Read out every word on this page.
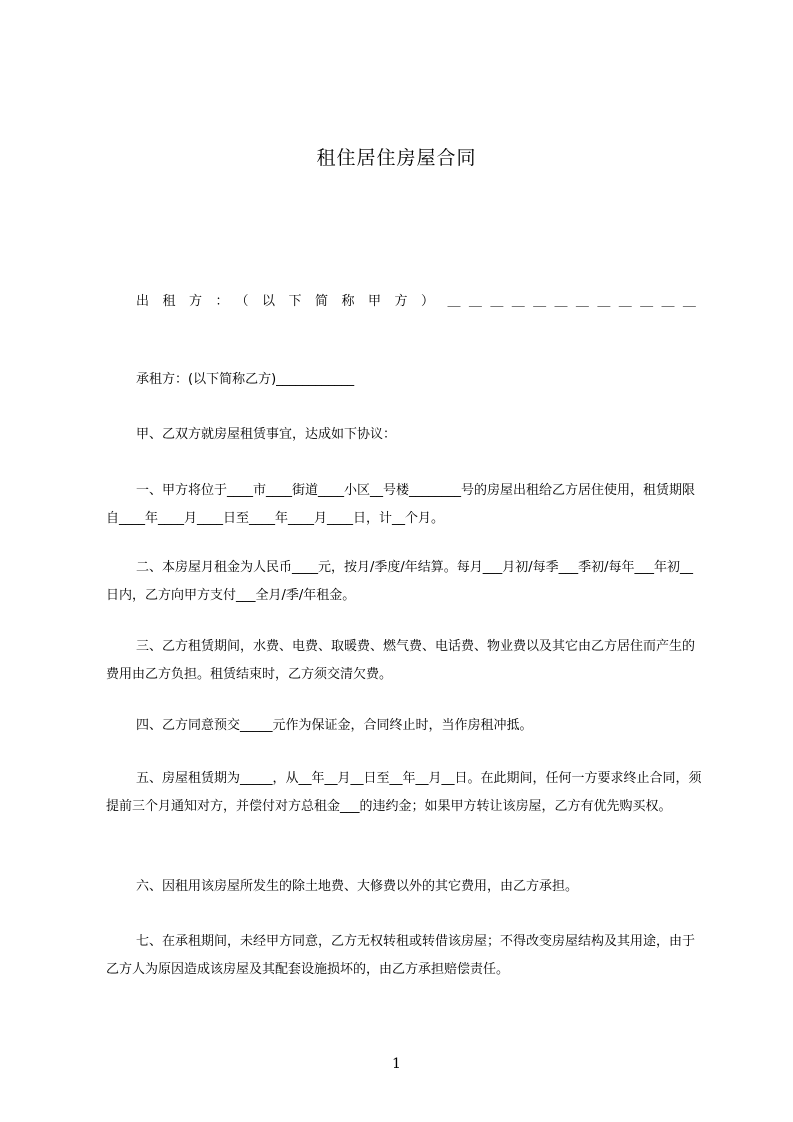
租住居住房屋合同

出租方：（以下简称甲方）＿＿＿＿＿＿＿＿＿＿＿＿

承租方：(以下简称乙方)____________

甲、乙双方就房屋租赁事宜，达成如下协议：

一、甲方将位于____市____街道____小区__号楼________号的房屋出租给乙方居住使用，租赁期限自____年____月____日至____年____月____日，计__个月。

二、本房屋月租金为人民币____元，按月/季度/年结算。每月___月初/每季___季初/每年___年初__日内，乙方向甲方支付___全月/季/年租金。

三、乙方租赁期间，水费、电费、取暖费、燃气费、电话费、物业费以及其它由乙方居住而产生的费用由乙方负担。租赁结束时，乙方须交清欠费。

四、乙方同意预交_____元作为保证金，合同终止时，当作房租冲抵。

五、房屋租赁期为_____，从__年__月__日至__年__月__日。在此期间，任何一方要求终止合同，须提前三个月通知对方，并偿付对方总租金___的违约金；如果甲方转让该房屋，乙方有优先购买权。

六、因租用该房屋所发生的除土地费、大修费以外的其它费用，由乙方承担。

七、在承租期间，未经甲方同意，乙方无权转租或转借该房屋；不得改变房屋结构及其用途，由于乙方人为原因造成该房屋及其配套设施损坏的，由乙方承担赔偿责任。

1
